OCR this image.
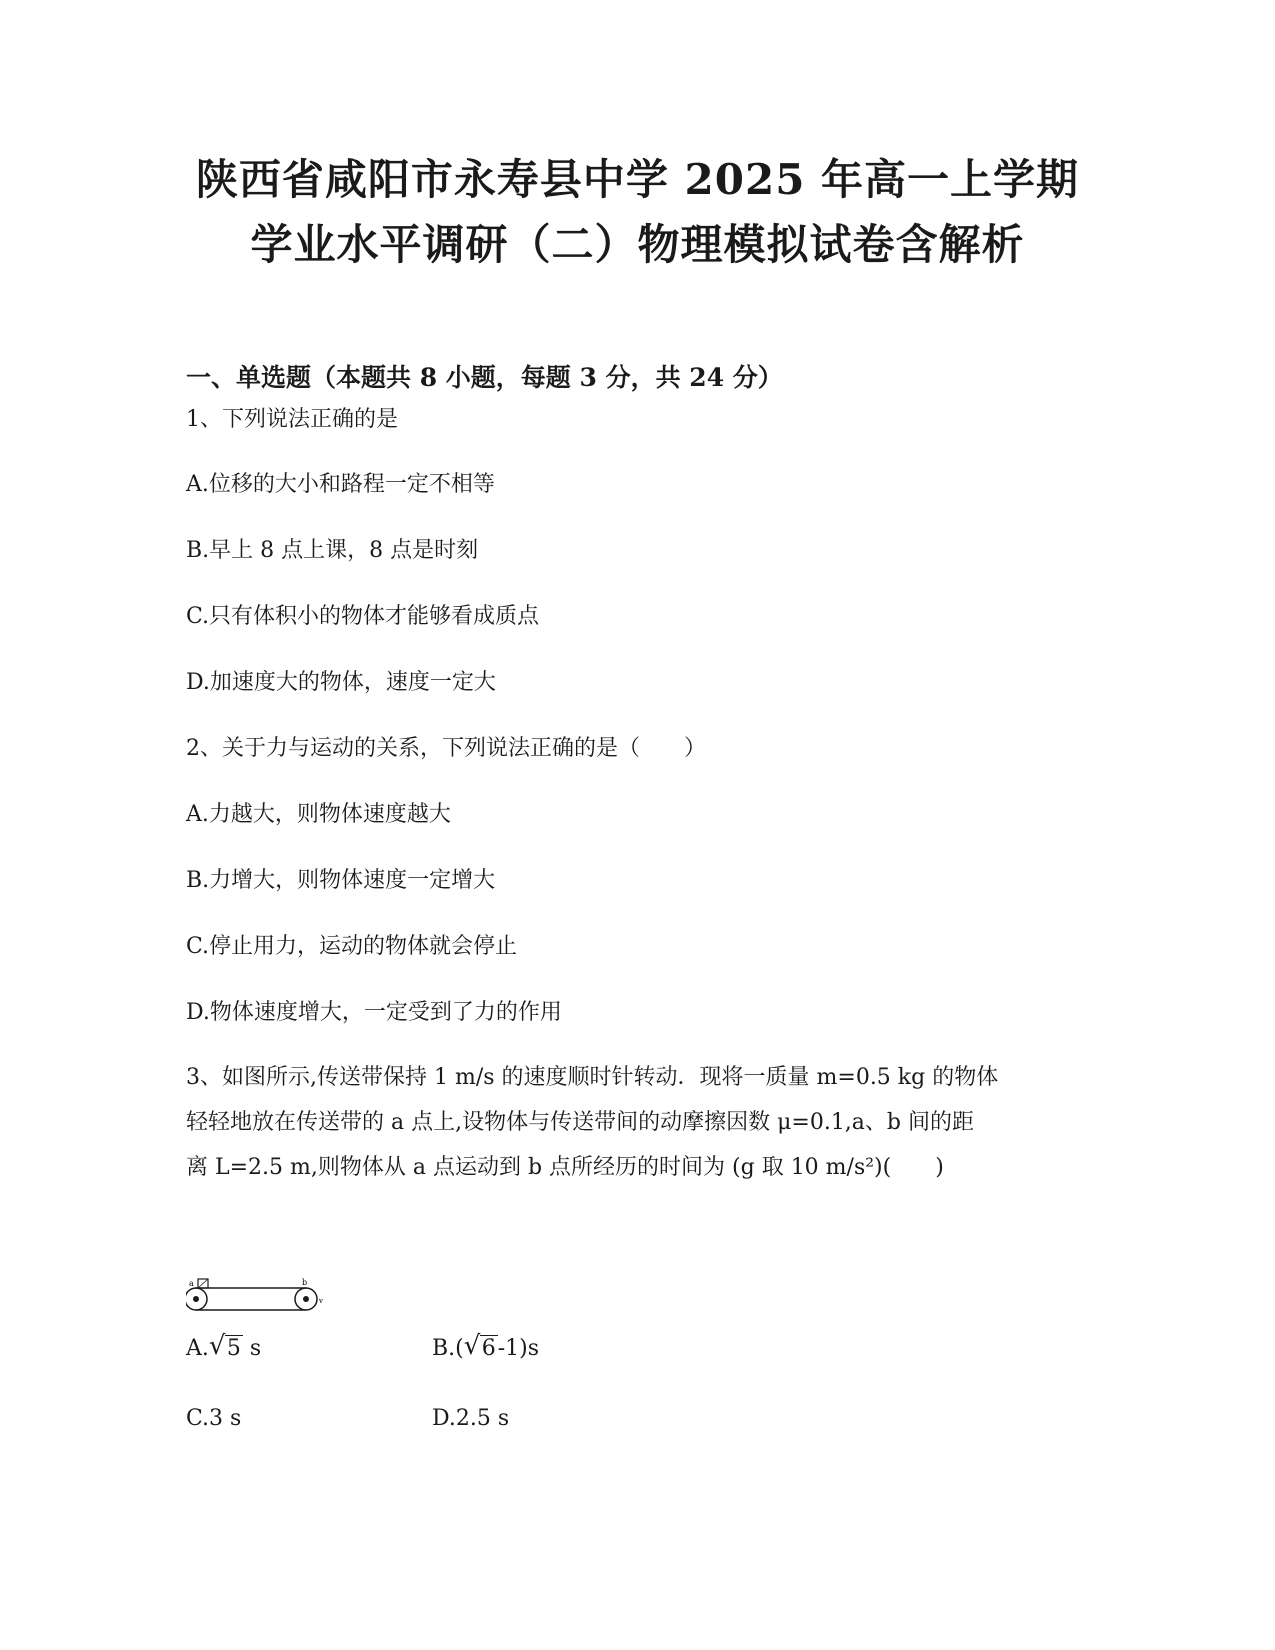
陕西省咸阳市永寿县中学 2025 年高一上学期
学业水平调研（二）物理模拟试卷含解析
一、单选题（本题共 8 小题，每题 3 分，共 24 分）
1、下列说法正确的是
A.位移的大小和路程一定不相等
B.早上 8 点上课，8 点是时刻
C.只有体积小的物体才能够看成质点
D.加速度大的物体，速度一定大
2、关于力与运动的关系，下列说法正确的是（　　）
A.力越大，则物体速度越大
B.力增大，则物体速度一定增大
C.停止用力，运动的物体就会停止
D.物体速度增大，一定受到了力的作用
3、如图所示,传送带保持 1 m/s 的速度顺时针转动．现将一质量 m=0.5 kg 的物体
轻轻地放在传送带的 a 点上,设物体与传送带间的动摩擦因数 μ=0.1,a、b 间的距
离 L=2.5 m,则物体从 a 点运动到 b 点所经历的时间为 (g 取 10 m/s²)(　　)
a	b
v
A. √ 5 s	B.( √ 6-1)s
C.3 s	D.2.5 s
